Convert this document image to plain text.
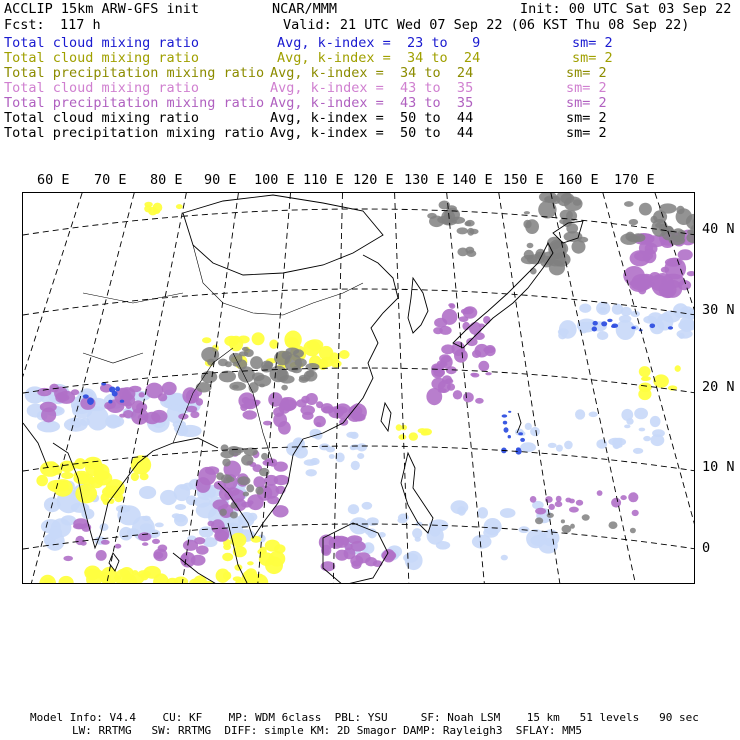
ACCLIP 15km ARW-GFS init	NCAR/MMM	Init: 00 UTC Sat 03 Sep 22
Fcst: 117 h	Valid: 21 UTC Wed 07 Sep 22 (06 KST Thu 08 Sep 22)
Total cloud mixing ratio	Avg, k-index =  23 to   9	sm= 2
Total cloud mixing ratio	Avg, k-index =  34 to  24	sm= 2
Total precipitation mixing ratio Avg, k-index =  34 to  24	sm= 2
Total cloud mixing ratio	Avg, k-index =  43 to  35	sm= 2
Total precipitation mixing ratio Avg, k-index =  43 to  35	sm= 2
Total cloud mixing ratio	Avg, k-index =  50 to  44	sm= 2
Total precipitation mixing ratio Avg, k-index =  50 to  44	sm= 2
60 E 70 E 80 E 90 E 100 E 110 E 120 E 130 E 140 E 150 E 160 E 170 E
40 N
30 N
20 N
10 N
0
Model Info: V4.4    CU: KF    MP: WDM 6class  PBL: YSU     SF: Noah LSM    15 km   51 levels   90 sec
LW: RRTMG   SW: RRTMG  DIFF: simple KM: 2D Smagor DAMP: Rayleigh3  SFLAY: MM5
